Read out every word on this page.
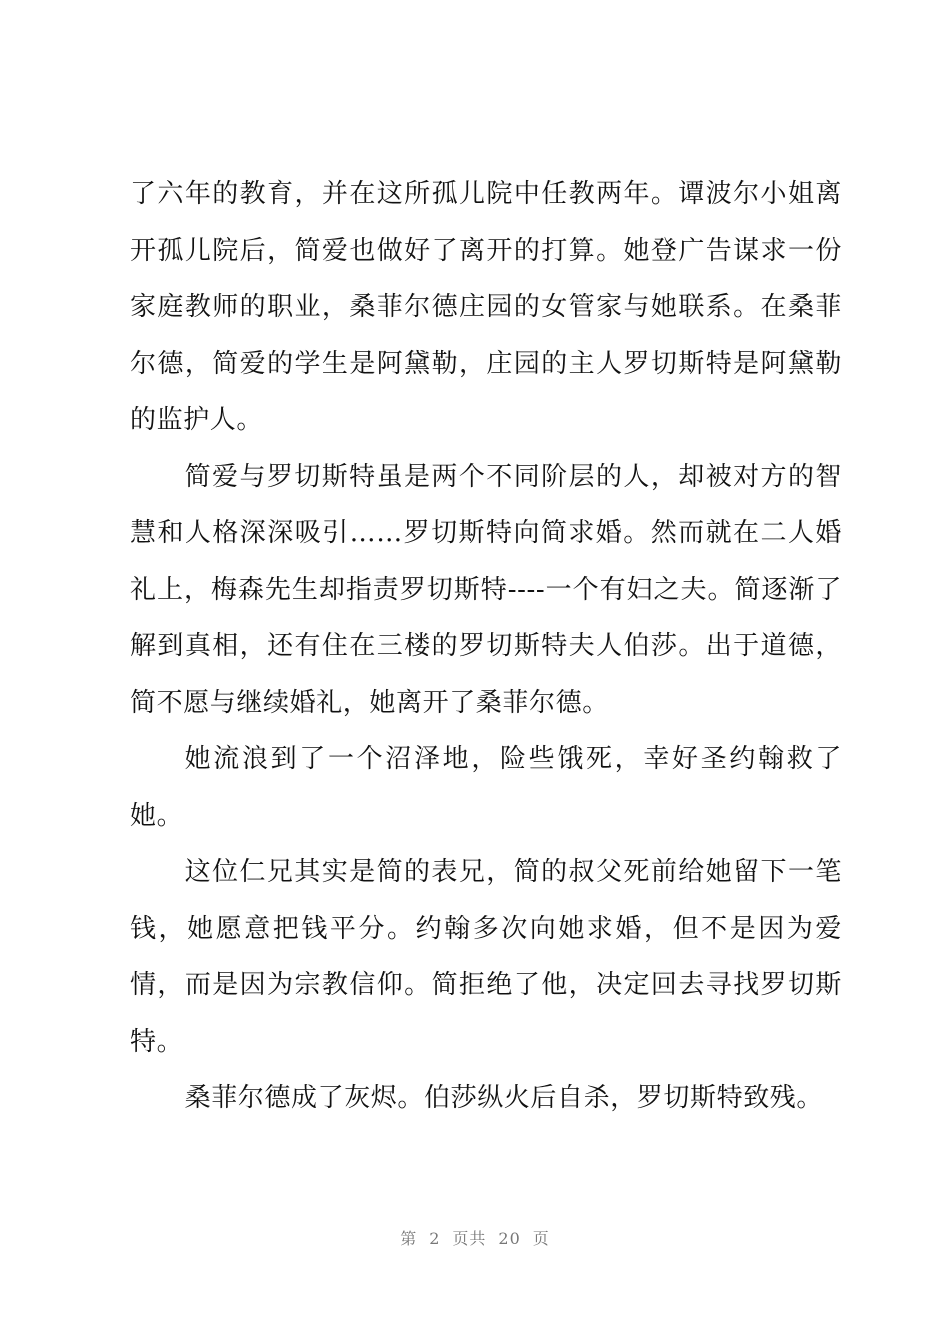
了六年的教育，并在这所孤儿院中任教两年。谭波尔小姐离开孤儿院后，简爱也做好了离开的打算。她登广告谋求一份家庭教师的职业，桑菲尔德庄园的女管家与她联系。在桑菲尔德，简爱的学生是阿黛勒，庄园的主人罗切斯特是阿黛勒的监护人。

简爱与罗切斯特虽是两个不同阶层的人，却被对方的智慧和人格深深吸引……罗切斯特向简求婚。然而就在二人婚礼上，梅森先生却指责罗切斯特----一个有妇之夫。简逐渐了解到真相，还有住在三楼的罗切斯特夫人伯莎。出于道德，简不愿与继续婚礼，她离开了桑菲尔德。

她流浪到了一个沼泽地，险些饿死，幸好圣约翰救了她。

这位仁兄其实是简的表兄，简的叔父死前给她留下一笔钱，她愿意把钱平分。约翰多次向她求婚，但不是因为爱情，而是因为宗教信仰。简拒绝了他，决定回去寻找罗切斯特。

桑菲尔德成了灰烬。伯莎纵火后自杀，罗切斯特致残。

第 2 页共 20 页
